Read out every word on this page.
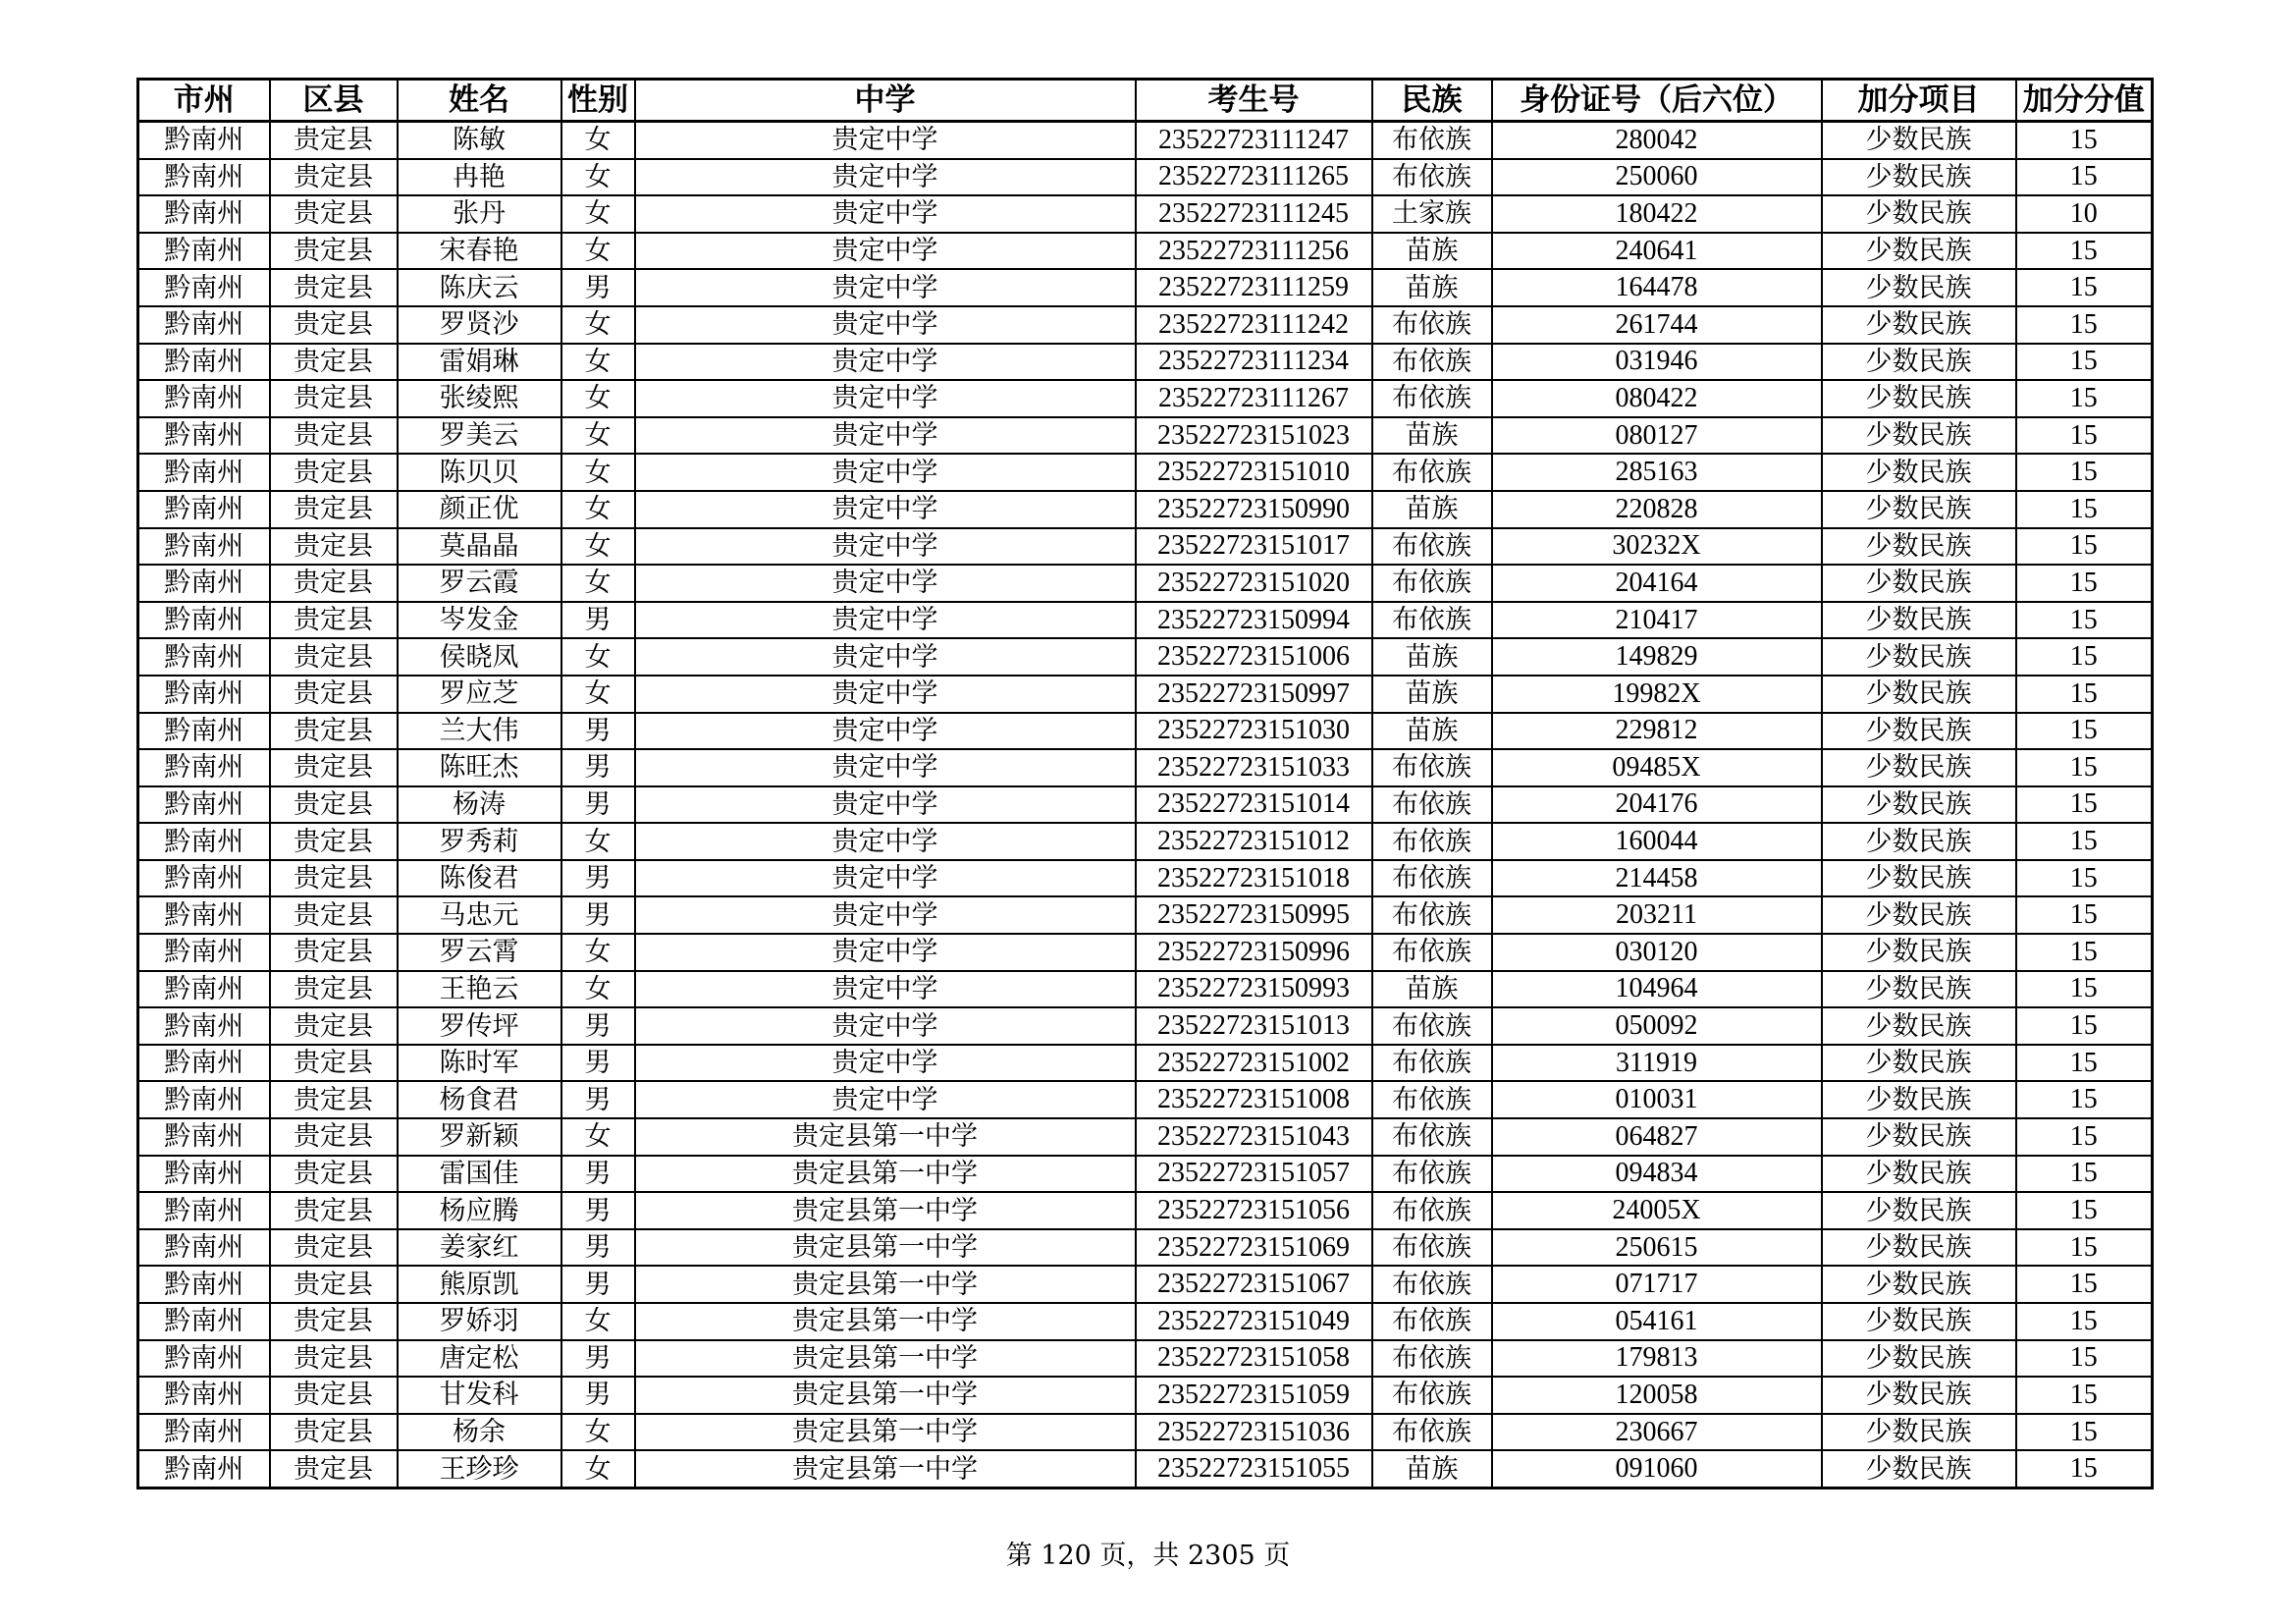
市州	区县	姓名	性别	中学	考生号	民族	身份证号（后六位）	加分项目	加分分值
黔南州	贵定县	陈敏	女	贵定中学	23522723111247	布依族	280042	少数民族	15
黔南州	贵定县	冉艳	女	贵定中学	23522723111265	布依族	250060	少数民族	15
黔南州	贵定县	张丹	女	贵定中学	23522723111245	土家族	180422	少数民族	10
黔南州	贵定县	宋春艳	女	贵定中学	23522723111256	苗族	240641	少数民族	15
黔南州	贵定县	陈庆云	男	贵定中学	23522723111259	苗族	164478	少数民族	15
黔南州	贵定县	罗贤沙	女	贵定中学	23522723111242	布依族	261744	少数民族	15
黔南州	贵定县	雷娟琳	女	贵定中学	23522723111234	布依族	031946	少数民族	15
黔南州	贵定县	张绫熙	女	贵定中学	23522723111267	布依族	080422	少数民族	15
黔南州	贵定县	罗美云	女	贵定中学	23522723151023	苗族	080127	少数民族	15
黔南州	贵定县	陈贝贝	女	贵定中学	23522723151010	布依族	285163	少数民族	15
黔南州	贵定县	颜正优	女	贵定中学	23522723150990	苗族	220828	少数民族	15
黔南州	贵定县	莫晶晶	女	贵定中学	23522723151017	布依族	30232X	少数民族	15
黔南州	贵定县	罗云霞	女	贵定中学	23522723151020	布依族	204164	少数民族	15
黔南州	贵定县	岑发金	男	贵定中学	23522723150994	布依族	210417	少数民族	15
黔南州	贵定县	侯晓凤	女	贵定中学	23522723151006	苗族	149829	少数民族	15
黔南州	贵定县	罗应芝	女	贵定中学	23522723150997	苗族	19982X	少数民族	15
黔南州	贵定县	兰大伟	男	贵定中学	23522723151030	苗族	229812	少数民族	15
黔南州	贵定县	陈旺杰	男	贵定中学	23522723151033	布依族	09485X	少数民族	15
黔南州	贵定县	杨涛	男	贵定中学	23522723151014	布依族	204176	少数民族	15
黔南州	贵定县	罗秀莉	女	贵定中学	23522723151012	布依族	160044	少数民族	15
黔南州	贵定县	陈俊君	男	贵定中学	23522723151018	布依族	214458	少数民族	15
黔南州	贵定县	马忠元	男	贵定中学	23522723150995	布依族	203211	少数民族	15
黔南州	贵定县	罗云霄	女	贵定中学	23522723150996	布依族	030120	少数民族	15
黔南州	贵定县	王艳云	女	贵定中学	23522723150993	苗族	104964	少数民族	15
黔南州	贵定县	罗传坪	男	贵定中学	23522723151013	布依族	050092	少数民族	15
黔南州	贵定县	陈时军	男	贵定中学	23522723151002	布依族	311919	少数民族	15
黔南州	贵定县	杨食君	男	贵定中学	23522723151008	布依族	010031	少数民族	15
黔南州	贵定县	罗新颖	女	贵定县第一中学	23522723151043	布依族	064827	少数民族	15
黔南州	贵定县	雷国佳	男	贵定县第一中学	23522723151057	布依族	094834	少数民族	15
黔南州	贵定县	杨应腾	男	贵定县第一中学	23522723151056	布依族	24005X	少数民族	15
黔南州	贵定县	姜家红	男	贵定县第一中学	23522723151069	布依族	250615	少数民族	15
黔南州	贵定县	熊原凯	男	贵定县第一中学	23522723151067	布依族	071717	少数民族	15
黔南州	贵定县	罗娇羽	女	贵定县第一中学	23522723151049	布依族	054161	少数民族	15
黔南州	贵定县	唐定松	男	贵定县第一中学	23522723151058	布依族	179813	少数民族	15
黔南州	贵定县	甘发科	男	贵定县第一中学	23522723151059	布依族	120058	少数民族	15
黔南州	贵定县	杨余	女	贵定县第一中学	23522723151036	布依族	230667	少数民族	15
黔南州	贵定县	王珍珍	女	贵定县第一中学	23522723151055	苗族	091060	少数民族	15
第 120 页，共 2305 页
